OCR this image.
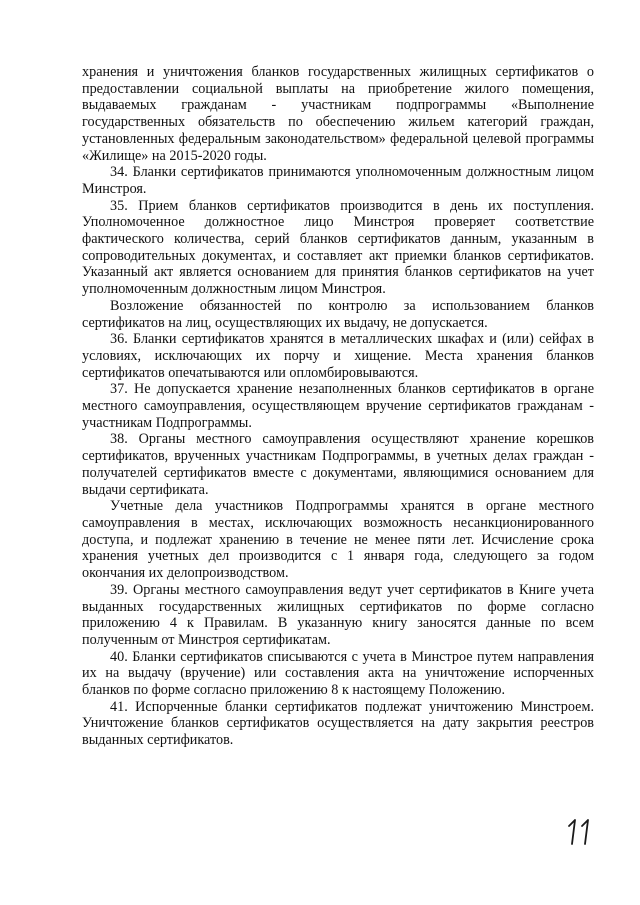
хранения и уничтожения бланков государственных жилищных сертификатов о предоставлении социальной выплаты на приобретение жилого помещения, выдаваемых гражданам - участникам подпрограммы «Выполнение государственных обязательств по обеспечению жильем категорий граждан, установленных федеральным законодательством» федеральной целевой программы «Жилище» на 2015-2020 годы.

34. Бланки сертификатов принимаются уполномоченным должностным лицом Минстроя.

35. Прием бланков сертификатов производится в день их поступления. Уполномоченное должностное лицо Минстроя проверяет соответствие фактического количества, серий бланков сертификатов данным, указанным в сопроводительных документах, и составляет акт приемки бланков сертификатов. Указанный акт является основанием для принятия бланков сертификатов на учет уполномоченным должностным лицом Минстроя.

Возложение обязанностей по контролю за использованием бланков сертификатов на лиц, осуществляющих их выдачу, не допускается.

36. Бланки сертификатов хранятся в металлических шкафах и (или) сейфах в условиях, исключающих их порчу и хищение. Места хранения бланков сертификатов опечатываются или опломбировываются.

37. Не допускается хранение незаполненных бланков сертификатов в органе местного самоуправления, осуществляющем вручение сертификатов гражданам - участникам Подпрограммы.

38. Органы местного самоуправления осуществляют хранение корешков сертификатов, врученных участникам Подпрограммы, в учетных делах граждан - получателей сертификатов вместе с документами, являющимися основанием для выдачи сертификата.

Учетные дела участников Подпрограммы хранятся в органе местного самоуправления в местах, исключающих возможность несанкционированного доступа, и подлежат хранению в течение не менее пяти лет. Исчисление срока хранения учетных дел производится с 1 января года, следующего за годом окончания их делопроизводством.

39. Органы местного самоуправления ведут учет сертификатов в Книге учета выданных государственных жилищных сертификатов по форме согласно приложению 4 к Правилам. В указанную книгу заносятся данные по всем полученным от Минстроя сертификатам.

40. Бланки сертификатов списываются с учета в Минстрое путем направления их на выдачу (вручение) или составления акта на уничтожение испорченных бланков по форме согласно приложению 8 к настоящему Положению.

41. Испорченные бланки сертификатов подлежат уничтожению Минстроем. Уничтожение бланков сертификатов осуществляется на дату закрытия реестров выданных сертификатов.
